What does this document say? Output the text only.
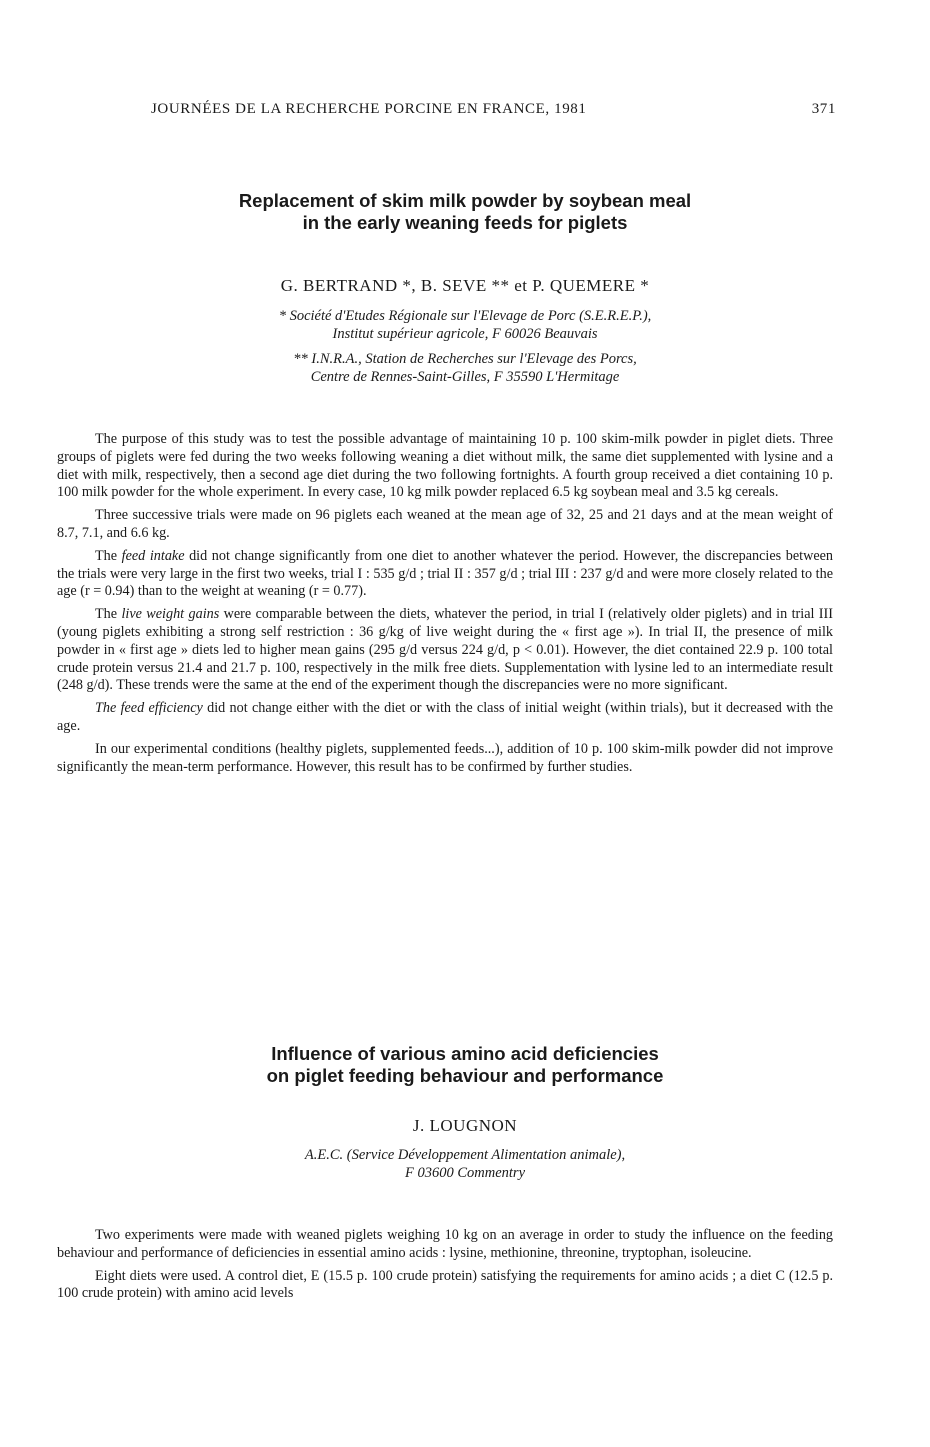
JOURNÉES DE LA RECHERCHE PORCINE EN FRANCE, 1981	371
Replacement of skim milk powder by soybean meal
in the early weaning feeds for piglets
G. BERTRAND *, B. SEVE ** et P. QUEMERE *
* Société d'Etudes Régionale sur l'Elevage de Porc (S.E.R.E.P.),
Institut supérieur agricole, F 60026 Beauvais
** I.N.R.A., Station de Recherches sur l'Elevage des Porcs,
Centre de Rennes-Saint-Gilles, F 35590 L'Hermitage

The purpose of this study was to test the possible advantage of maintaining 10 p. 100 skim-milk powder in piglet diets. Three groups of piglets were fed during the two weeks following weaning a diet without milk, the same diet supplemented with lysine and a diet with milk, respectively, then a second age diet during the two following fortnights. A fourth group received a diet containing 10 p. 100 milk powder for the whole experiment. In every case, 10 kg milk powder replaced 6.5 kg soybean meal and 3.5 kg cereals.

Three successive trials were made on 96 piglets each weaned at the mean age of 32, 25 and 21 days and at the mean weight of 8.7, 7.1, and 6.6 kg.

The feed intake did not change significantly from one diet to another whatever the period. However, the discrepancies between the trials were very large in the first two weeks, trial I : 535 g/d ; trial II : 357 g/d ; trial III : 237 g/d and were more closely related to the age (r = 0.94) than to the weight at weaning (r = 0.77).

The live weight gains were comparable between the diets, whatever the period, in trial I (relatively older piglets) and in trial III (young piglets exhibiting a strong self restriction : 36 g/kg of live weight during the « first age »). In trial II, the presence of milk powder in « first age » diets led to higher mean gains (295 g/d versus 224 g/d, p < 0.01). However, the diet contained 22.9 p. 100 total crude protein versus 21.4 and 21.7 p. 100, respectively in the milk free diets. Supplementation with lysine led to an intermediate result (248 g/d). These trends were the same at the end of the experiment though the discrepancies were no more significant.

The feed efficiency did not change either with the diet or with the class of initial weight (within trials), but it decreased with the age.

In our experimental conditions (healthy piglets, supplemented feeds...), addition of 10 p. 100 skim-milk powder did not improve significantly the mean-term performance. However, this result has to be confirmed by further studies.

Influence of various amino acid deficiencies
on piglet feeding behaviour and performance
J. LOUGNON
A.E.C. (Service Développement Alimentation animale),
F 03600 Commentry

Two experiments were made with weaned piglets weighing 10 kg on an average in order to study the influence on the feeding behaviour and performance of deficiencies in essential amino acids : lysine, methionine, threonine, tryptophan, isoleucine.

Eight diets were used. A control diet, E (15.5 p. 100 crude protein) satisfying the requirements for amino acids ; a diet C (12.5 p. 100 crude protein) with amino acid levels
